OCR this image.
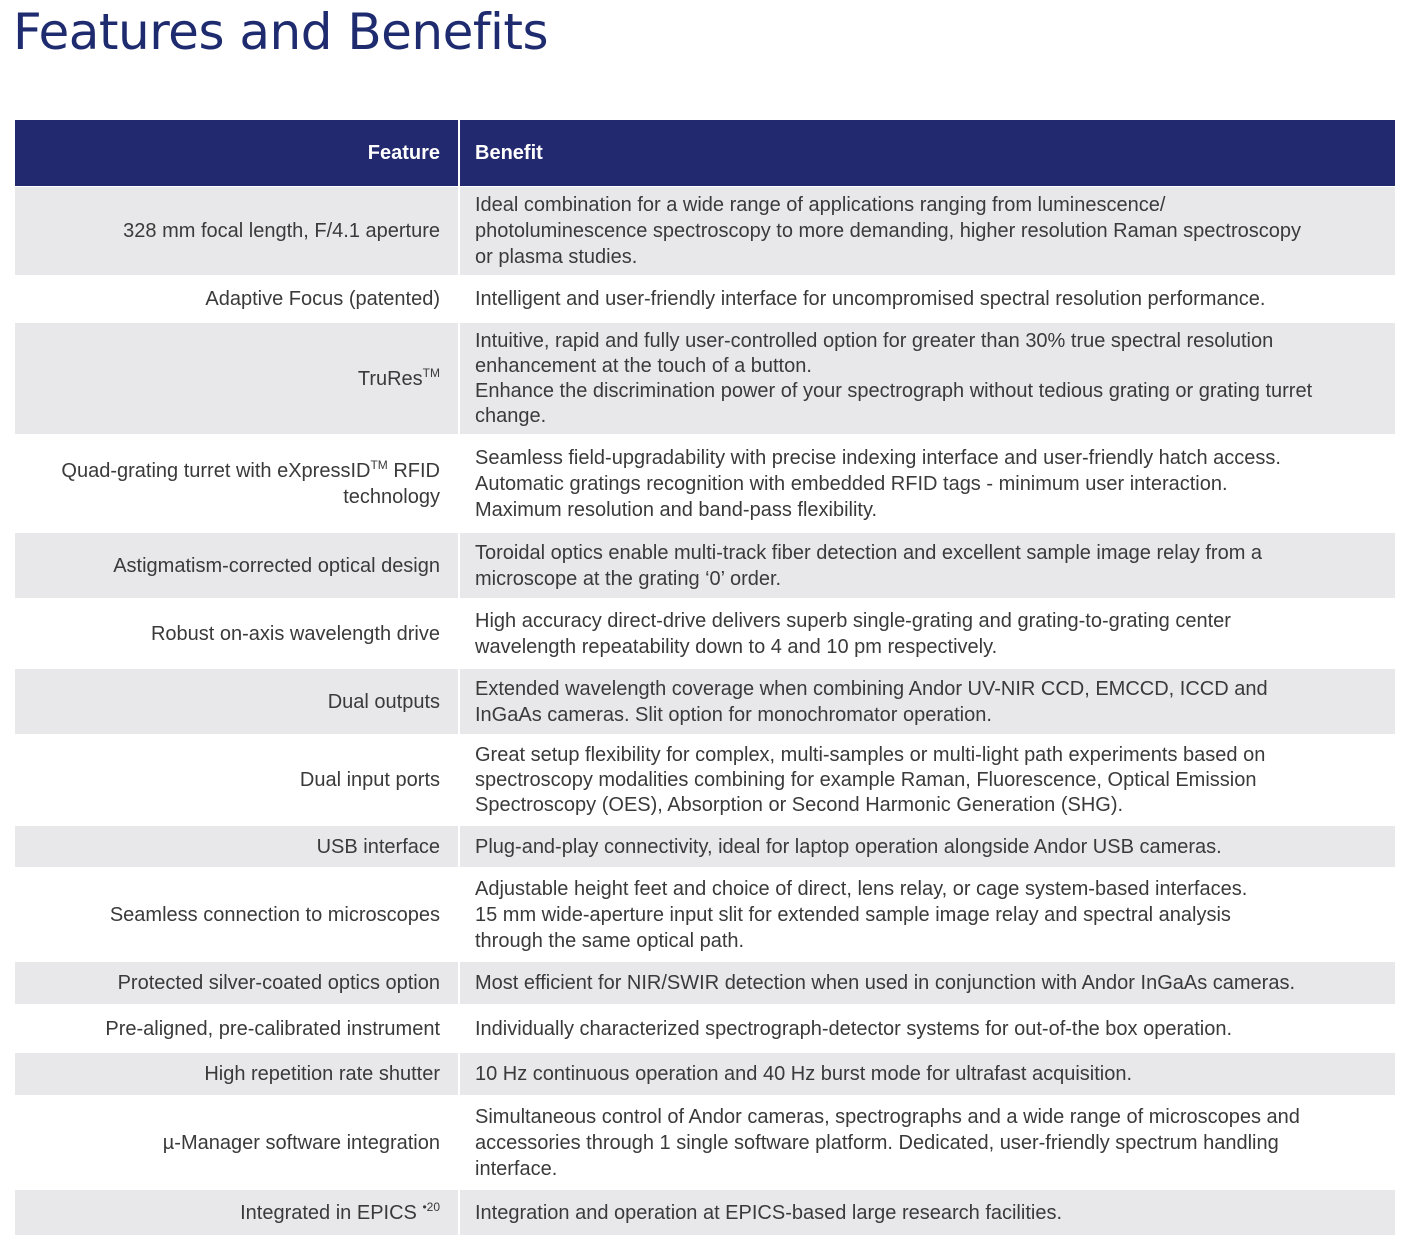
Features and Benefits
Feature	Benefit
328 mm focal length, F/4.1 aperture
Ideal combination for a wide range of applications ranging from luminescence/
photoluminescence spectroscopy to more demanding, higher resolution Raman spectroscopy
or plasma studies.
Adaptive Focus (patented) Intelligent and user-friendly interface for uncompromised spectral resolution performance.
TruRes™
Intuitive, rapid and fully user-controlled option for greater than 30% true spectral resolution
enhancement at the touch of a button.
Enhance the discrimination power of your spectrograph without tedious grating or grating turret
change.
Quad-grating turret with eXpressID™ RFID technology
Seamless field-upgradability with precise indexing interface and user-friendly hatch access.
Automatic gratings recognition with embedded RFID tags - minimum user interaction.
Maximum resolution and band-pass flexibility.
Astigmatism-corrected optical design
Toroidal optics enable multi-track fiber detection and excellent sample image relay from a
microscope at the grating ‘0’ order.
Robust on-axis wavelength drive
High accuracy direct-drive delivers superb single-grating and grating-to-grating center
wavelength repeatability down to 4 and 10 pm respectively.
Dual outputs
Extended wavelength coverage when combining Andor UV-NIR CCD, EMCCD, ICCD and
InGaAs cameras. Slit option for monochromator operation.
Dual input ports
Great setup flexibility for complex, multi-samples or multi-light path experiments based on
spectroscopy modalities combining for example Raman, Fluorescence, Optical Emission
Spectroscopy (OES), Absorption or Second Harmonic Generation (SHG).
USB interface Plug-and-play connectivity, ideal for laptop operation alongside Andor USB cameras.
Seamless connection to microscopes
Adjustable height feet and choice of direct, lens relay, or cage system-based interfaces.
15 mm wide-aperture input slit for extended sample image relay and spectral analysis
through the same optical path.
Protected silver-coated optics option Most efficient for NIR/SWIR detection when used in conjunction with Andor InGaAs cameras.
Pre-aligned, pre-calibrated instrument Individually characterized spectrograph-detector systems for out-of-the box operation.
High repetition rate shutter 10 Hz continuous operation and 40 Hz burst mode for ultrafast acquisition.
µ-Manager software integration
Simultaneous control of Andor cameras, spectrographs and a wide range of microscopes and
accessories through 1 single software platform. Dedicated, user-friendly spectrum handling
interface.
Integrated in EPICS $^{•20}$ Integration and operation at EPICS-based large research facilities.
